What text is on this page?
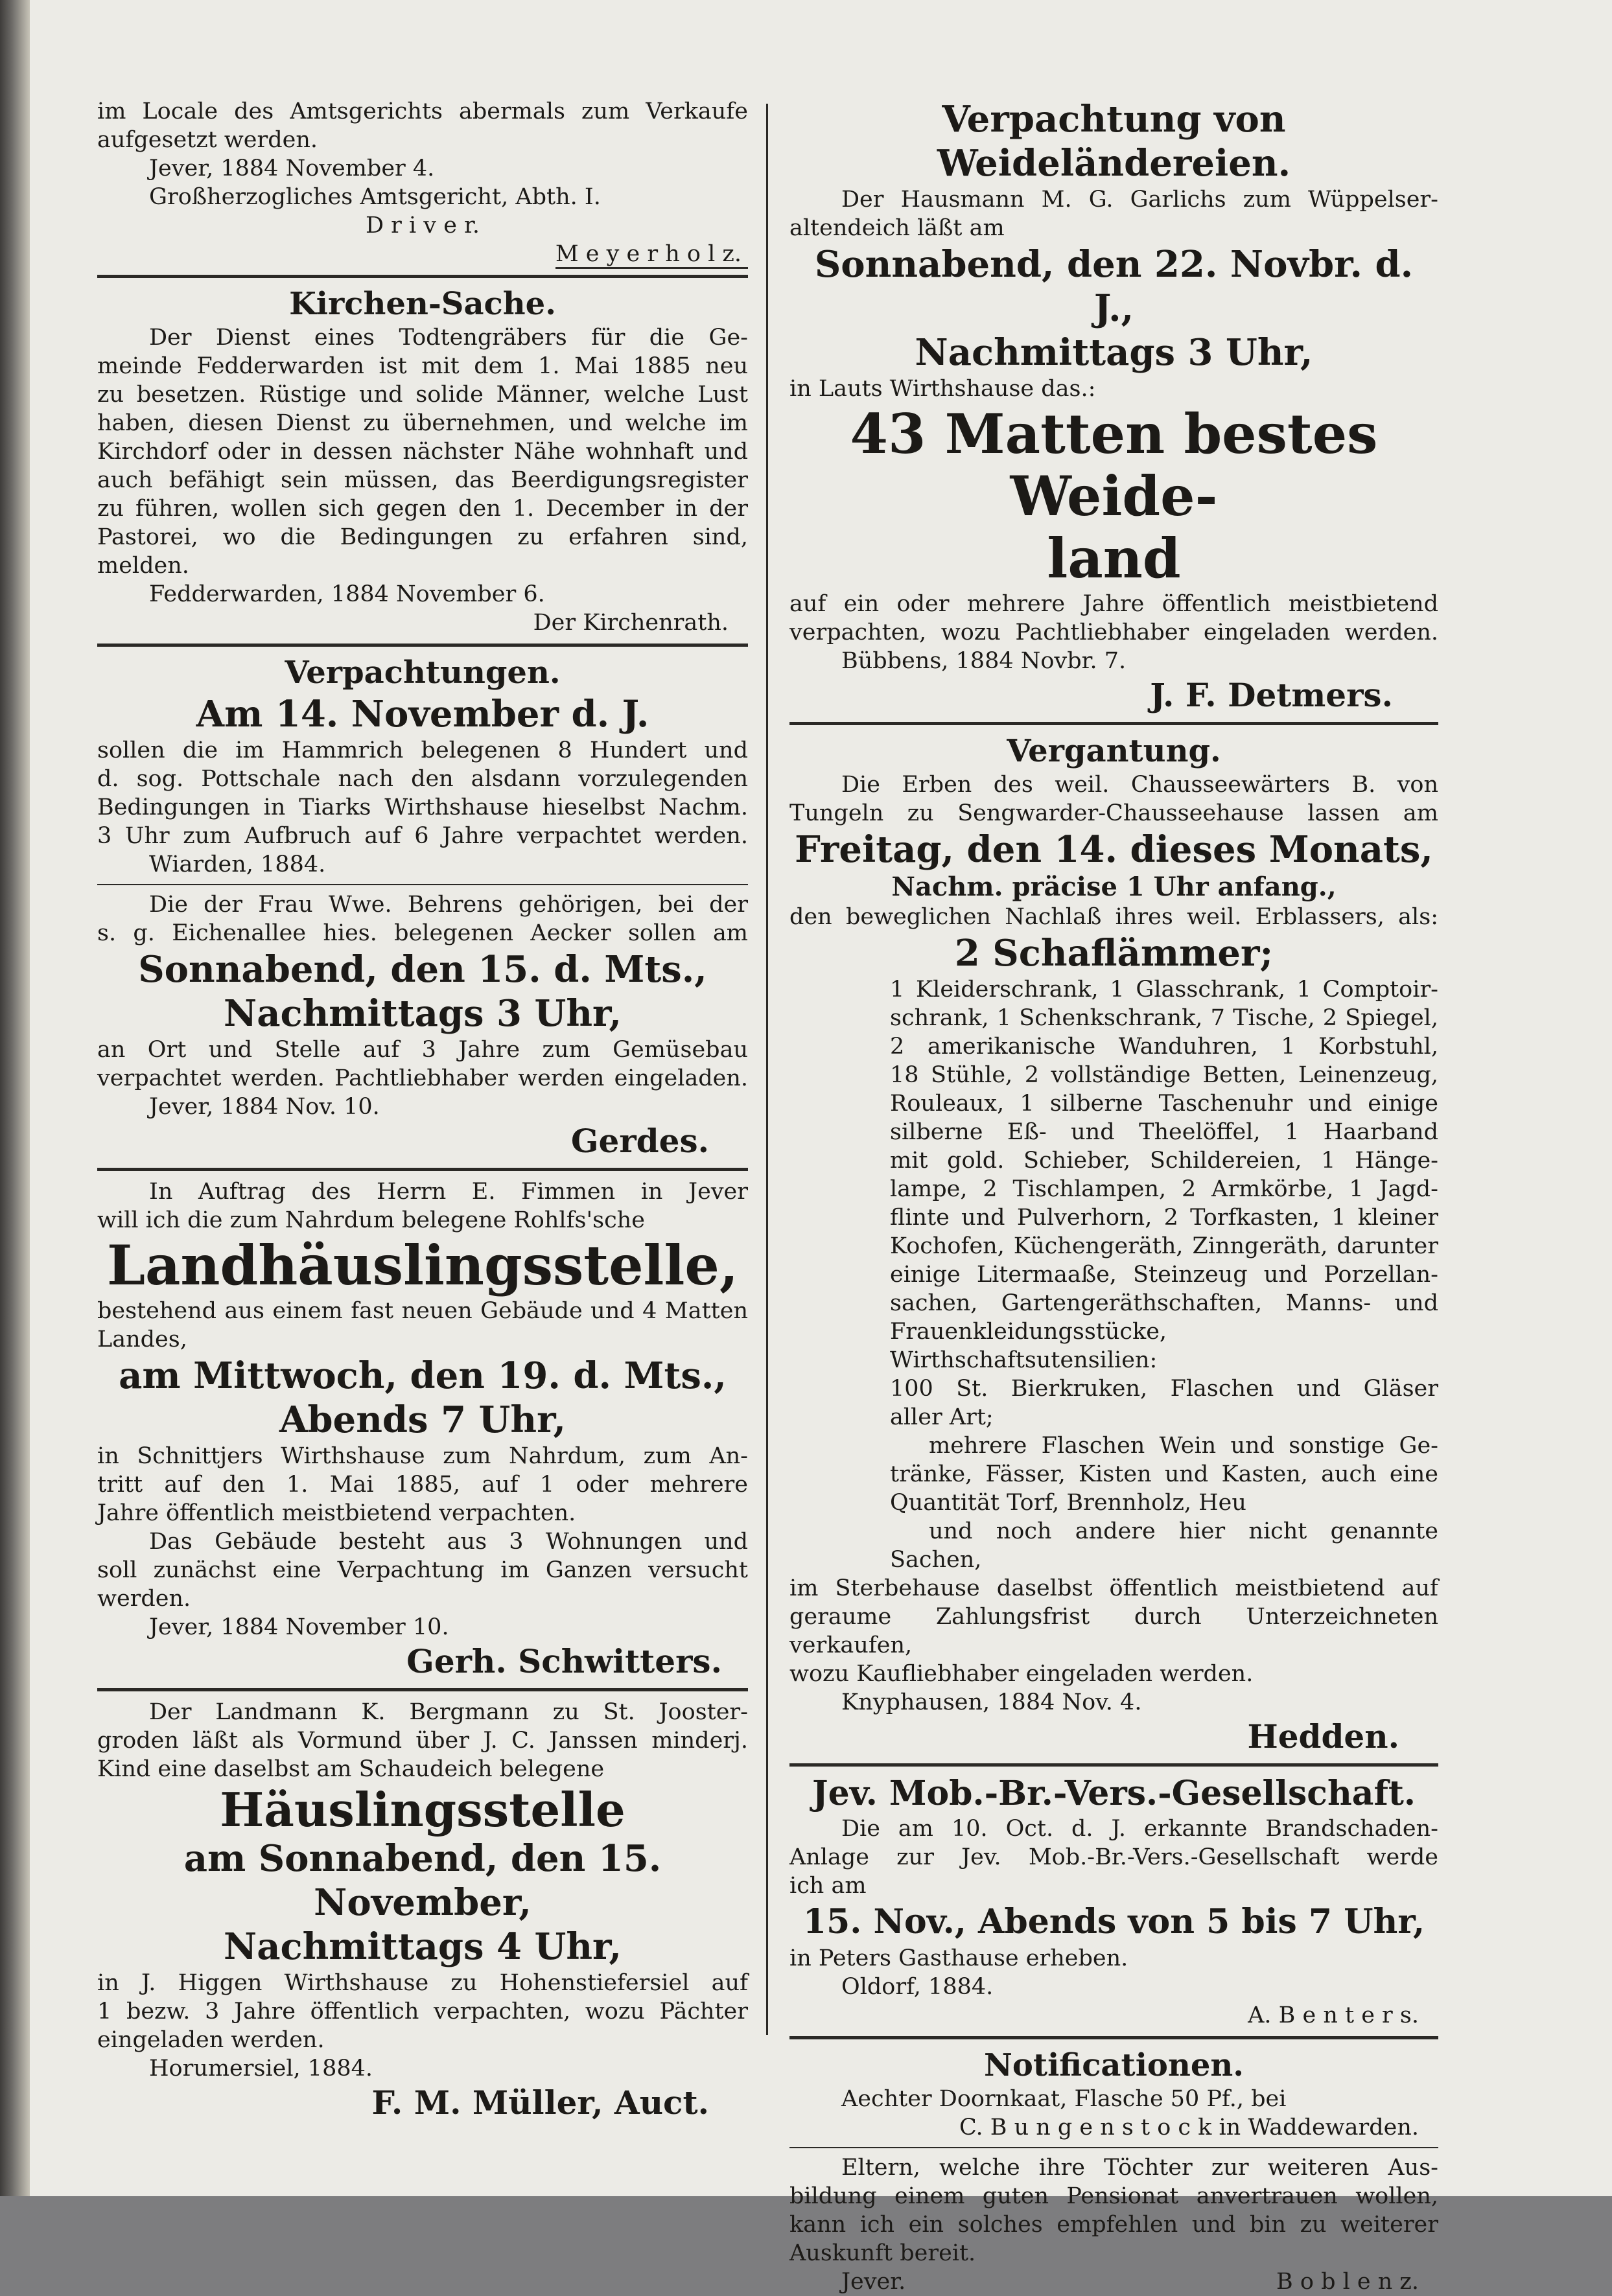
im Locale des Amtsgerichts abermals zum Verkaufe

aufgesetzt werden.

Jever, 1884 November 4.

Großherzogliches Amtsgericht, Abth. I.

D r i v e r.

M e y e r h o l z.

Kirchen-Sache.

Der Dienst eines Todtengräbers für die Ge-

meinde Fedderwarden ist mit dem 1. Mai 1885 neu

zu besetzen. Rüstige und solide Männer, welche Lust

haben, diesen Dienst zu übernehmen, und welche im

Kirchdorf oder in dessen nächster Nähe wohnhaft und

auch befähigt sein müssen, das Beerdigungsregister

zu führen, wollen sich gegen den 1. December in der

Pastorei, wo die Bedingungen zu erfahren sind,

melden.

Fedderwarden, 1884 November 6.

Der Kirchenrath.

Verpachtungen.

Am 14. November d. J.

sollen die im Hammrich belegenen 8 Hundert und

d. sog. Pottschale nach den alsdann vorzulegenden

Bedingungen in Tiarks Wirthshause hieselbst Nachm.

3 Uhr zum Aufbruch auf 6 Jahre verpachtet werden.

Wiarden, 1884.

Die der Frau Wwe. Behrens gehörigen, bei der

s. g. Eichenallee hies. belegenen Aecker sollen am

Sonnabend, den 15. d. Mts.,

Nachmittags 3 Uhr,

an Ort und Stelle auf 3 Jahre zum Gemüsebau

verpachtet werden. Pachtliebhaber werden eingeladen.

Jever, 1884 Nov. 10.

Gerdes.

In Auftrag des Herrn E. Fimmen in Jever

will ich die zum Nahrdum belegene Rohlfs'sche

Landhäuslingsstelle,

bestehend aus einem fast neuen Gebäude und 4 Matten

Landes,

am Mittwoch, den 19. d. Mts.,

Abends 7 Uhr,

in Schnittjers Wirthshause zum Nahrdum, zum An-

tritt auf den 1. Mai 1885, auf 1 oder mehrere

Jahre öffentlich meistbietend verpachten.

Das Gebäude besteht aus 3 Wohnungen und

soll zunächst eine Verpachtung im Ganzen versucht

werden.

Jever, 1884 November 10.

Gerh. Schwitters.

Der Landmann K. Bergmann zu St. Jooster-

groden läßt als Vormund über J. C. Janssen minderj.

Kind eine daselbst am Schaudeich belegene

Häuslingsstelle

am Sonnabend, den 15. November,

Nachmittags 4 Uhr,

in J. Higgen Wirthshause zu Hohenstiefersiel auf

1 bezw. 3 Jahre öffentlich verpachten, wozu Pächter

eingeladen werden.

Horumersiel, 1884.

F. M. Müller, Auct.

Verpachtung von Weideländereien.

Der Hausmann M. G. Garlichs zum Wüppelser-

altendeich läßt am

Sonnabend, den 22. Novbr. d. J.,

Nachmittags 3 Uhr,

in Lauts Wirthshause das.:

43 Matten bestes Weide-

land

auf ein oder mehrere Jahre öffentlich meistbietend

verpachten, wozu Pachtliebhaber eingeladen werden.

Bübbens, 1884 Novbr. 7.

J. F. Detmers.

Vergantung.

Die Erben des weil. Chausseewärters B. von

Tungeln zu Sengwarder-Chausseehause lassen am

Freitag, den 14. dieses Monats,

Nachm. präcise 1 Uhr anfang.,

den beweglichen Nachlaß ihres weil. Erblassers, als:

2 Schaflämmer;

1 Kleiderschrank, 1 Glasschrank, 1 Comptoir-

schrank, 1 Schenkschrank, 7 Tische, 2 Spiegel,

2 amerikanische Wanduhren, 1 Korbstuhl,

18 Stühle, 2 vollständige Betten, Leinenzeug,

Rouleaux, 1 silberne Taschenuhr und einige

silberne Eß- und Theelöffel, 1 Haarband

mit gold. Schieber, Schildereien, 1 Hänge-

lampe, 2 Tischlampen, 2 Armkörbe, 1 Jagd-

flinte und Pulverhorn, 2 Torfkasten, 1 kleiner

Kochofen, Küchengeräth, Zinngeräth, darunter

einige Litermaaße, Steinzeug und Porzellan-

sachen, Gartengeräthschaften, Manns- und

Frauenkleidungsstücke, Wirthschaftsutensilien:

100 St. Bierkruken, Flaschen und Gläser

aller Art;

mehrere Flaschen Wein und sonstige Ge-

tränke, Fässer, Kisten und Kasten, auch eine

Quantität Torf, Brennholz, Heu

und noch andere hier nicht genannte

Sachen,

im Sterbehause daselbst öffentlich meistbietend auf

geraume Zahlungsfrist durch Unterzeichneten verkaufen,

wozu Kaufliebhaber eingeladen werden.

Knyphausen, 1884 Nov. 4.

Hedden.

Jev. Mob.-Br.-Vers.-Gesellschaft.

Die am 10. Oct. d. J. erkannte Brandschaden-

Anlage zur Jev. Mob.-Br.-Vers.-Gesellschaft werde

ich am

15. Nov., Abends von 5 bis 7 Uhr,

in Peters Gasthause erheben.

Oldorf, 1884.

A. B e n t e r s.

Notificationen.

Aechter Doornkaat, Flasche 50 Pf., bei

C. B u n g e n s t o c k in Waddewarden.

Eltern, welche ihre Töchter zur weiteren Aus-

bildung einem guten Pensionat anvertrauen wollen,

kann ich ein solches empfehlen und bin zu weiterer

Auskunft bereit.

Jever.	B o b l e n z.
